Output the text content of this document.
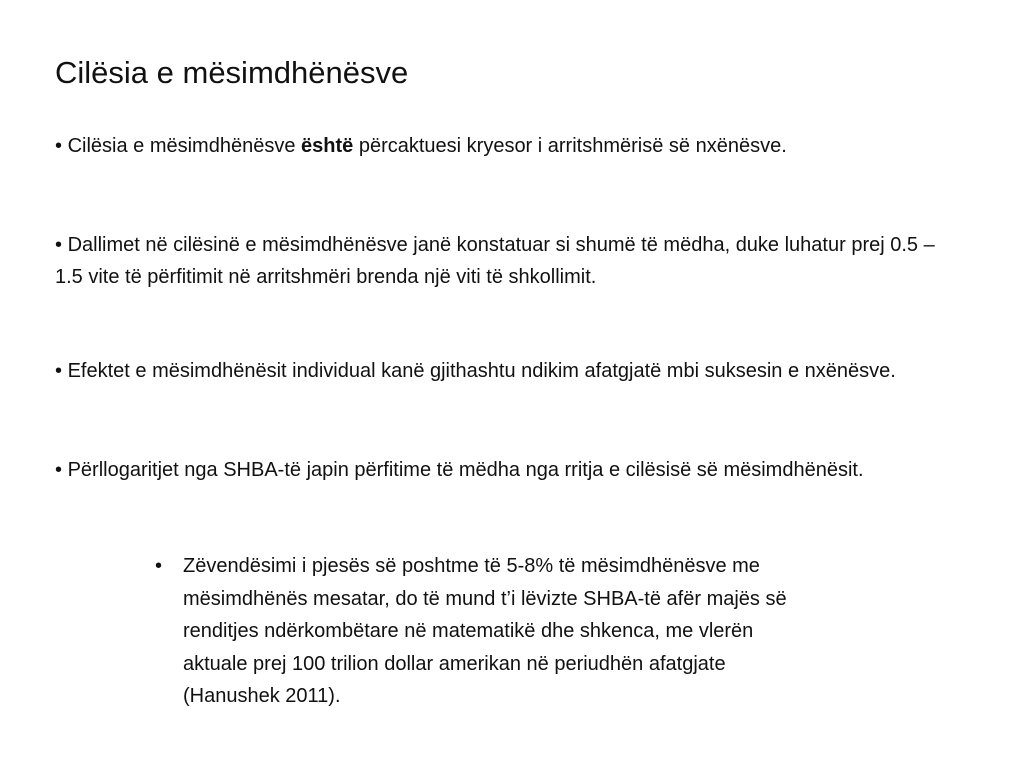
Cilësia e mësimdhënësve
• Cilësia e mësimdhënësve është përcaktuesi kryesor i arritshmërisë së nxënësve.
• Dallimet në cilësinë e mësimdhënësve janë konstatuar si shumë të mëdha, duke luhatur prej 0.5 – 1.5 vite të përfitimit në arritshmëri brenda një viti të shkollimit.
• Efektet e mësimdhënësit individual kanë gjithashtu ndikim afatgjatë mbi suksesin e nxënësve.
• Përllogaritjet nga SHBA-të japin përfitime të mëdha nga rritja e cilësisë së mësimdhënësit.
• Zëvendësimi i pjesës së poshtme të 5-8% të mësimdhënësve me
mësimdhënës mesatar, do të mund t’i lëvizte SHBA-të afër majës së
renditjes ndërkombëtare në matematikë dhe shkenca, me vlerën
aktuale prej 100 trilion dollar amerikan në periudhën afatgjate
(Hanushek 2011).
